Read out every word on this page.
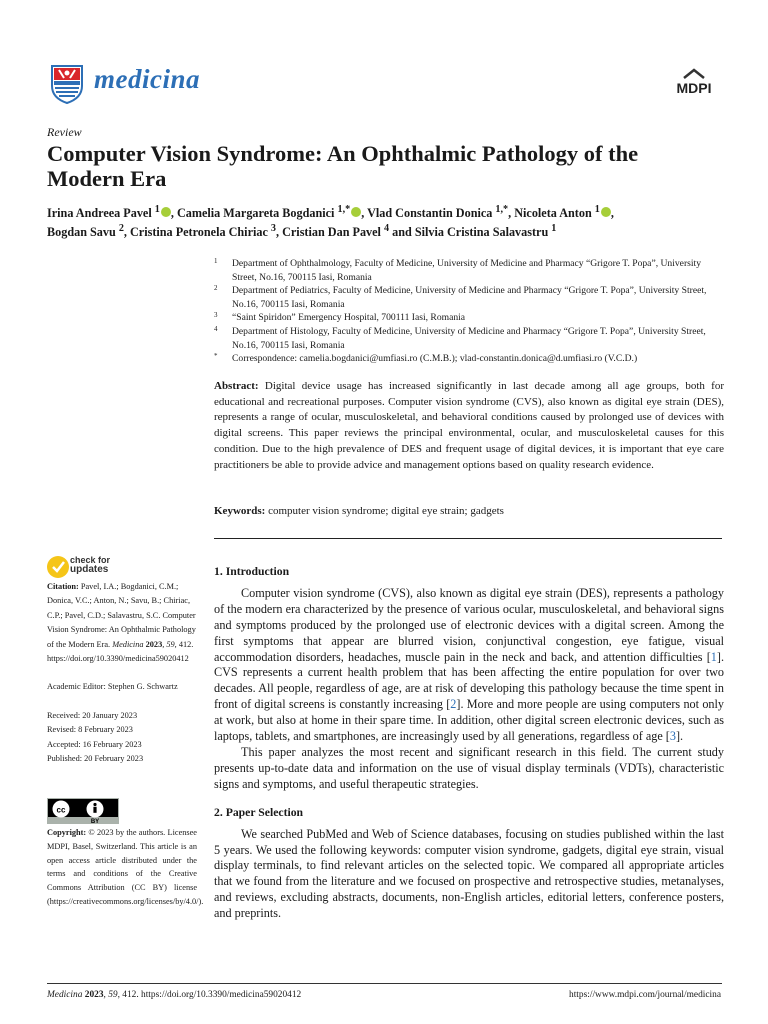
medicina	MDPI
Review
Computer Vision Syndrome: An Ophthalmic Pathology of the Modern Era
Irina Andreea Pavel $^1$ , Camelia Margareta Bogdanici $^{1,*}$ , Vlad Constantin Donica $^{1,*}$, Nicoleta Anton $^1$ ,
Bogdan Savu $^2$, Cristina Petronela Chiriac $^3$, Cristian Dan Pavel $^4$ and Silvia Cristina Salavastru $^1$
1 Department of Ophthalmology, Faculty of Medicine, University of Medicine and Pharmacy “Grigore T. Popa”, University Street, No.16, 700115 Iasi, Romania
2 Department of Pediatrics, Faculty of Medicine, University of Medicine and Pharmacy “Grigore T. Popa”, University Street, No.16, 700115 Iasi, Romania
3 “Saint Spiridon” Emergency Hospital, 700111 Iasi, Romania
4 Department of Histology, Faculty of Medicine, University of Medicine and Pharmacy “Grigore T. Popa”, University Street, No.16, 700115 Iasi, Romania
* Correspondence: camelia.bogdanici@umfiasi.ro (C.M.B.); vlad-constantin.donica@d.umfiasi.ro (V.C.D.)
Abstract: Digital device usage has increased significantly in last decade among all age groups, both for educational and recreational purposes. Computer vision syndrome (CVS), also known as digital eye strain (DES), represents a range of ocular, musculoskeletal, and behavioral conditions caused by prolonged use of devices with digital screens. This paper reviews the principal environmental, ocular, and musculoskeletal causes for this condition. Due to the high prevalence of DES and frequent usage of digital devices, it is important that eye care practitioners be able to provide advice and management options based on quality research evidence.
Keywords: computer vision syndrome; digital eye strain; gadgets
check for
updates

Citation: Pavel, I.A.; Bogdanici, C.M.; Donica, V.C.; Anton, N.; Savu, B.; Chiriac, C.P.; Pavel, C.D.; Salavastru, S.C. Computer Vision Syndrome: An Ophthalmic Pathology of the Modern Era. Medicina 2023, 59, 412. https://doi.org/10.3390/medicina59020412

Academic Editor: Stephen G. Schwartz

Received: 20 January 2023

Revised: 8 February 2023

Accepted: 16 February 2023

Published: 20 February 2023

cc
BY
Copyright: © 2023 by the authors. Licensee MDPI, Basel, Switzerland. This article is an open access article distributed under the terms and conditions of the Creative Commons Attribution (CC BY) license (https://creativecommons.org/licenses/by/4.0/).
1. Introduction

Computer vision syndrome (CVS), also known as digital eye strain (DES), represents a pathology of the modern era characterized by the presence of various ocular, musculoskeletal, and behavioral signs and symptoms produced by the prolonged use of electronic devices with a digital screen. Among the first symptoms that appear are blurred vision, conjunctival congestion, eye fatigue, visual accommodation disorders, headaches, muscle pain in the neck and back, and attention difficulties [1]. CVS represents a current health problem that has been affecting the entire population for over two decades. All people, regardless of age, are at risk of developing this pathology because the time spent in front of digital screens is constantly increasing [2]. More and more people are using computers not only at work, but also at home in their spare time. In addition, other digital screen electronic devices, such as laptops, tablets, and smartphones, are increasingly used by all generations, regardless of age [3].

This paper analyzes the most recent and significant research in this field. The current study presents up-to-date data and information on the use of visual display terminals (VDTs), characteristic signs and symptoms, and useful therapeutic strategies.

2. Paper Selection

We searched PubMed and Web of Science databases, focusing on studies published within the last 5 years. We used the following keywords: computer vision syndrome, gadgets, digital eye strain, visual display terminals, to find relevant articles on the selected topic. We compared all appropriate articles that we found from the literature and we focused on prospective and retrospective studies, metanalyses, and reviews, excluding abstracts, documents, non-English articles, editorial letters, conference posters, and preprints.

Medicina 2023, 59, 412. https://doi.org/10.3390/medicina59020412	https://www.mdpi.com/journal/medicina
